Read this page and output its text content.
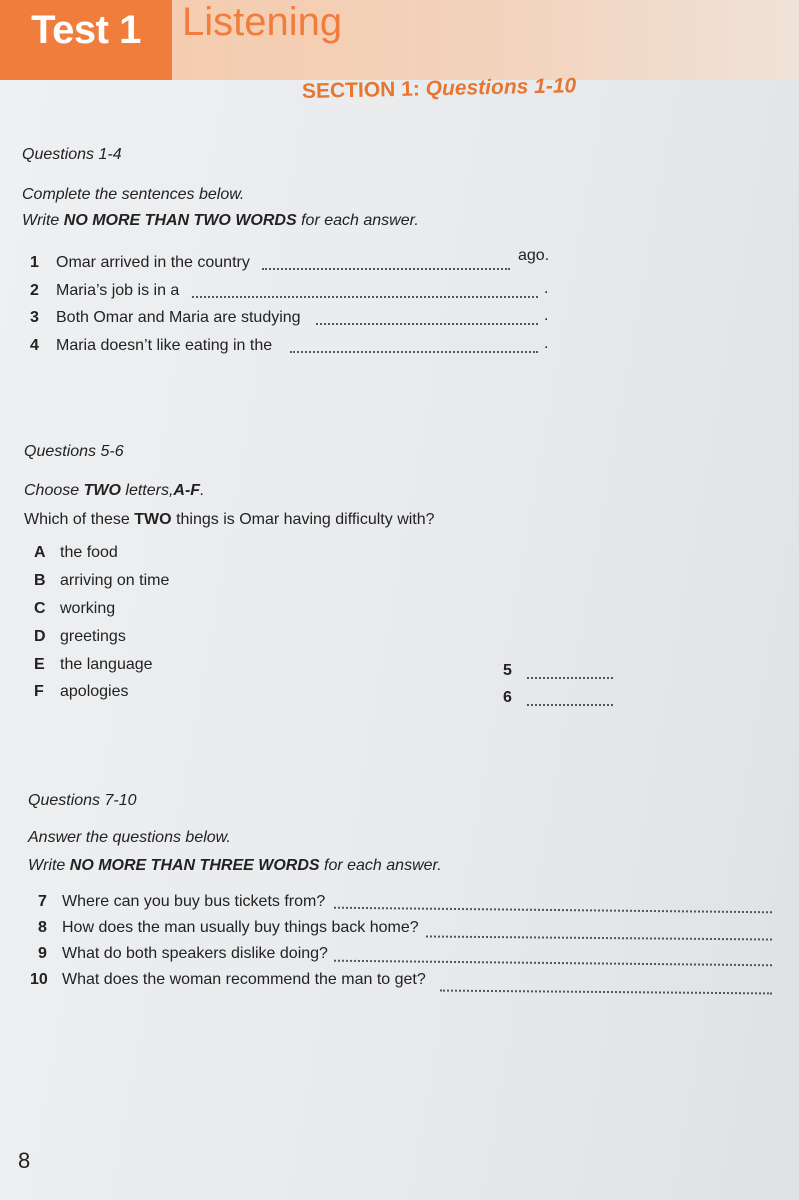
Test 1 Listening
SECTION 1: Questions 1-10
Questions 1-4
Complete the sentences below.
Write NO MORE THAN TWO WORDS for each answer.
1 Omar arrived in the country	ago.
2 Maria’s job is in a	.
3 Both Omar and Maria are studying	.
4 Maria doesn’t like eating in the	.
Questions 5-6
Choose TWO letters,A-F.
Which of these TWO things is Omar having difficulty with?
A the food
B arriving on time
C working
D greetings
E the language
F apologies
5
6
Questions 7-10
Answer the questions below.
Write NO MORE THAN THREE WORDS for each answer.
7 Where can you buy bus tickets from?
8 How does the man usually buy things back home?
9 What do both speakers dislike doing?
10 What does the woman recommend the man to get?
8
